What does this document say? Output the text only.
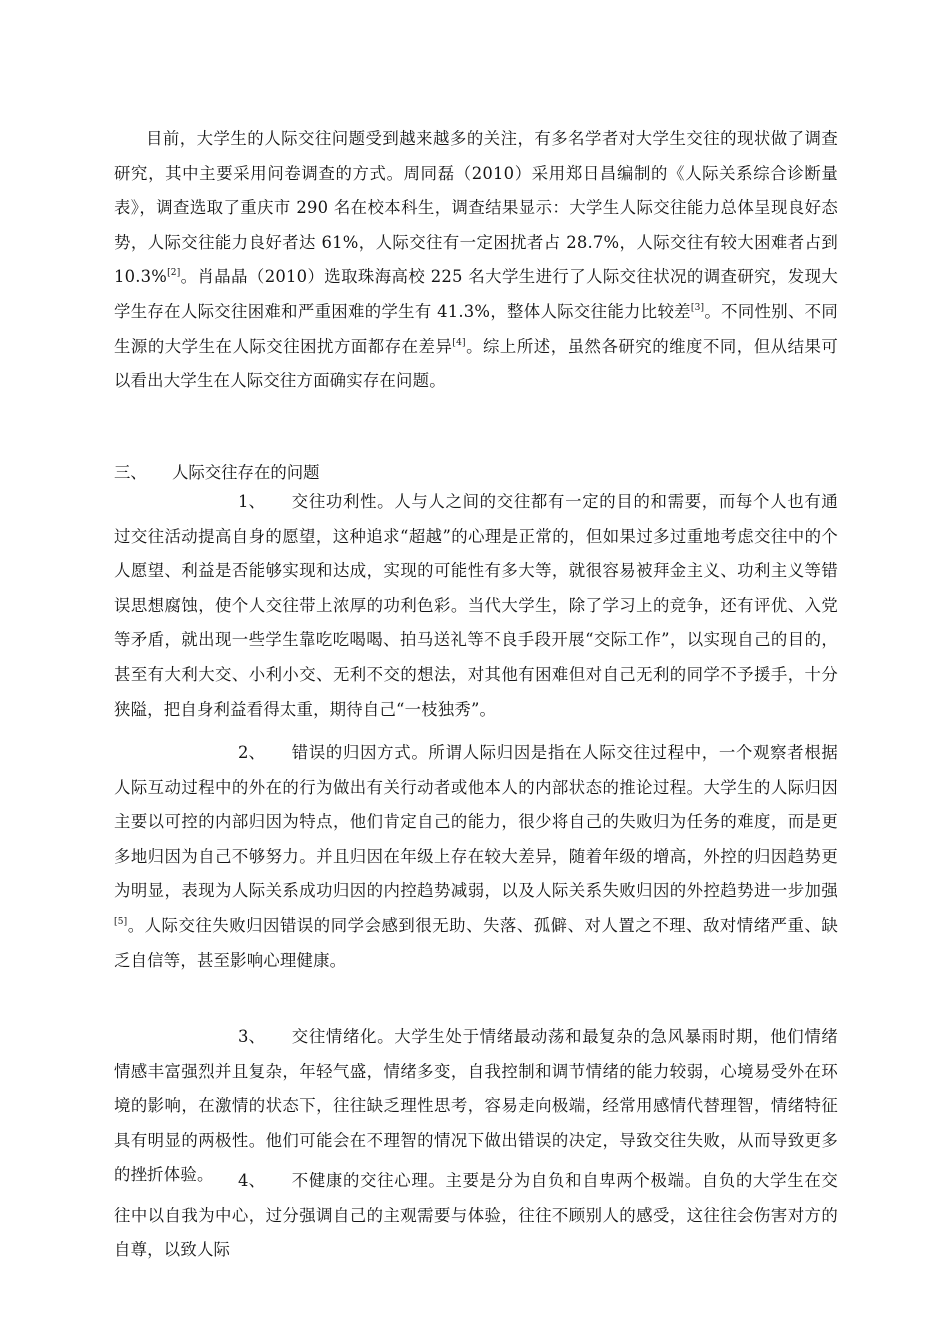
目前，大学生的人际交往问题受到越来越多的关注，有多名学者对大学生交往的现状做了调查研究，其中主要采用问卷调查的方式。周同磊（2010）采用郑日昌编制的《人际关系综合诊断量表》，调查选取了重庆市 290 名在校本科生，调查结果显示：大学生人际交往能力总体呈现良好态势，人际交往能力良好者达 61%，人际交往有一定困扰者占 28.7%，人际交往有较大困难者占到 10.3%[2]。肖晶晶（2010）选取珠海高校 225 名大学生进行了人际交往状况的调查研究，发现大学生存在人际交往困难和严重困难的学生有 41.3%，整体人际交往能力比较差[3]。不同性别、不同生源的大学生在人际交往困扰方面都存在差异[4]。综上所述，虽然各研究的维度不同，但从结果可以看出大学生在人际交往方面确实存在问题。
三、 人际交往存在的问题
1、 交往功利性。人与人之间的交往都有一定的目的和需要，而每个人也有通过交往活动提高自身的愿望，这种追求“超越”的心理是正常的，但如果过多过重地考虑交往中的个人愿望、利益是否能够实现和达成，实现的可能性有多大等，就很容易被拜金主义、功利主义等错误思想腐蚀，使个人交往带上浓厚的功利色彩。当代大学生，除了学习上的竞争，还有评优、入党等矛盾，就出现一些学生靠吃吃喝喝、拍马送礼等不良手段开展“交际工作”，以实现自己的目的，甚至有大利大交、小利小交、无利不交的想法，对其他有困难但对自己无利的同学不予援手，十分狭隘，把自身利益看得太重，期待自己“一枝独秀”。
2、 错误的归因方式。所谓人际归因是指在人际交往过程中，一个观察者根据人际互动过程中的外在的行为做出有关行动者或他本人的内部状态的推论过程。大学生的人际归因主要以可控的内部归因为特点，他们肯定自己的能力，很少将自己的失败归为任务的难度，而是更多地归因为自己不够努力。并且归因在年级上存在较大差异，随着年级的增高，外控的归因趋势更为明显，表现为人际关系成功归因的内控趋势减弱，以及人际关系失败归因的外控趋势进一步加强[5]。人际交往失败归因错误的同学会感到很无助、失落、孤僻、对人置之不理、敌对情绪严重、缺乏自信等，甚至影响心理健康。
3、 交往情绪化。大学生处于情绪最动荡和最复杂的急风暴雨时期，他们情绪情感丰富强烈并且复杂，年轻气盛，情绪多变，自我控制和调节情绪的能力较弱，心境易受外在环境的影响，在激情的状态下，往往缺乏理性思考，容易走向极端，经常用感情代替理智，情绪特征具有明显的两极性。他们可能会在不理智的情况下做出错误的决定，导致交往失败，从而导致更多的挫折体验。	4、 不健康的交往心理。主要是分为自负和自卑两个极端。自负的大学生在交往中以自我为中心，过分强调自己的主观需要与体验，往往不顾别人的感受，这往往会伤害对方的自尊，以致人际
